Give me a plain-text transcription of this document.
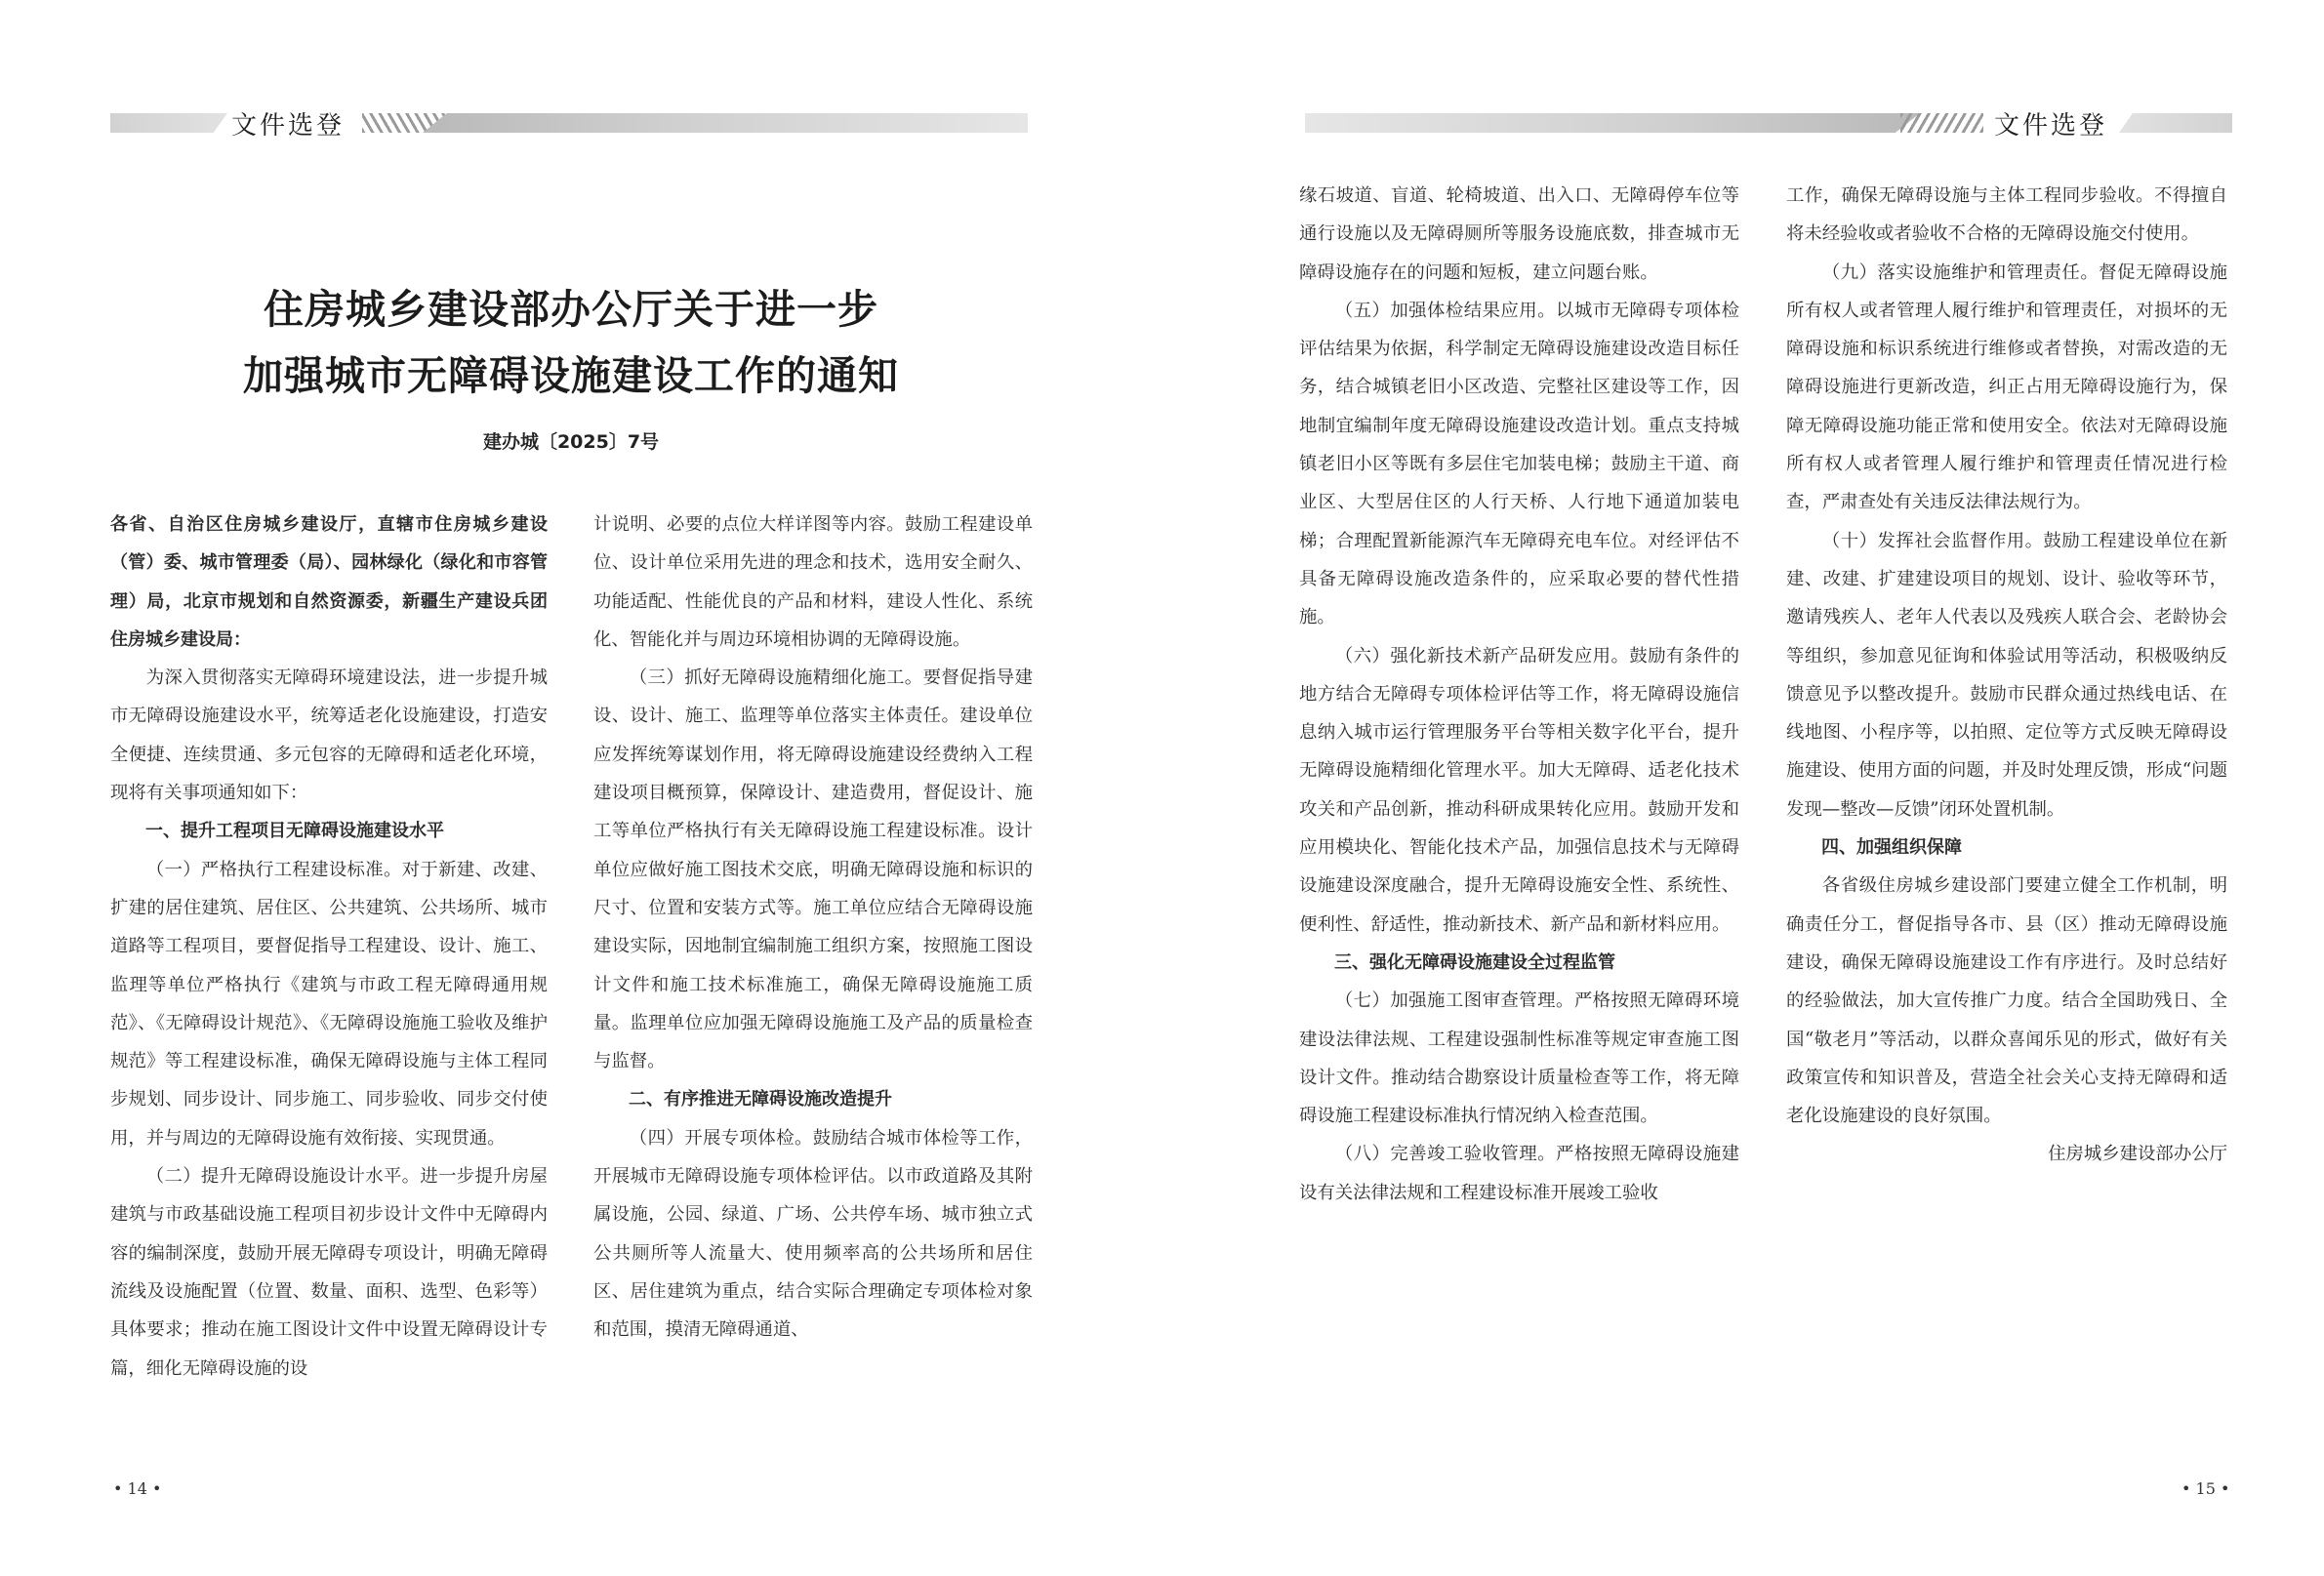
文件选登
住房城乡建设部办公厅关于进一步
加强城市无障碍设施建设工作的通知

建办城〔2025〕7号

各省、自治区住房城乡建设厅，直辖市住房城乡建设（管）委、城市管理委（局）、园林绿化（绿化和市容管理）局，北京市规划和自然资源委，新疆生产建设兵团住房城乡建设局：

为深入贯彻落实无障碍环境建设法，进一步提升城市无障碍设施建设水平，统筹适老化设施建设，打造安全便捷、连续贯通、多元包容的无障碍和适老化环境，现将有关事项通知如下：

一、提升工程项目无障碍设施建设水平

（一）严格执行工程建设标准。对于新建、改建、扩建的居住建筑、居住区、公共建筑、公共场所、城市道路等工程项目，要督促指导工程建设、设计、施工、监理等单位严格执行《建筑与市政工程无障碍通用规范》、《无障碍设计规范》、《无障碍设施施工验收及维护规范》等工程建设标准，确保无障碍设施与主体工程同步规划、同步设计、同步施工、同步验收、同步交付使用，并与周边的无障碍设施有效衔接、实现贯通。

（二）提升无障碍设施设计水平。进一步提升房屋建筑与市政基础设施工程项目初步设计文件中无障碍内容的编制深度，鼓励开展无障碍专项设计，明确无障碍流线及设施配置（位置、数量、面积、选型、色彩等）具体要求；推动在施工图设计文件中设置无障碍设计专篇，细化无障碍设施的设

计说明、必要的点位大样详图等内容。鼓励工程建设单位、设计单位采用先进的理念和技术，选用安全耐久、功能适配、性能优良的产品和材料，建设人性化、系统化、智能化并与周边环境相协调的无障碍设施。

（三）抓好无障碍设施精细化施工。要督促指导建设、设计、施工、监理等单位落实主体责任。建设单位应发挥统筹谋划作用，将无障碍设施建设经费纳入工程建设项目概预算，保障设计、建造费用，督促设计、施工等单位严格执行有关无障碍设施工程建设标准。设计单位应做好施工图技术交底，明确无障碍设施和标识的尺寸、位置和安装方式等。施工单位应结合无障碍设施建设实际，因地制宜编制施工组织方案，按照施工图设计文件和施工技术标准施工，确保无障碍设施施工质量。监理单位应加强无障碍设施施工及产品的质量检查与监督。

二、有序推进无障碍设施改造提升

（四）开展专项体检。鼓励结合城市体检等工作，开展城市无障碍设施专项体检评估。以市政道路及其附属设施，公园、绿道、广场、公共停车场、城市独立式公共厕所等人流量大、使用频率高的公共场所和居住区、居住建筑为重点，结合实际合理确定专项体检对象和范围，摸清无障碍通道、

• 14 •
文件选登

缘石坡道、盲道、轮椅坡道、出入口、无障碍停车位等通行设施以及无障碍厕所等服务设施底数，排查城市无障碍设施存在的问题和短板，建立问题台账。

（五）加强体检结果应用。以城市无障碍专项体检评估结果为依据，科学制定无障碍设施建设改造目标任务，结合城镇老旧小区改造、完整社区建设等工作，因地制宜编制年度无障碍设施建设改造计划。重点支持城镇老旧小区等既有多层住宅加装电梯；鼓励主干道、商业区、大型居住区的人行天桥、人行地下通道加装电梯；合理配置新能源汽车无障碍充电车位。对经评估不具备无障碍设施改造条件的，应采取必要的替代性措施。

（六）强化新技术新产品研发应用。鼓励有条件的地方结合无障碍专项体检评估等工作，将无障碍设施信息纳入城市运行管理服务平台等相关数字化平台，提升无障碍设施精细化管理水平。加大无障碍、适老化技术攻关和产品创新，推动科研成果转化应用。鼓励开发和应用模块化、智能化技术产品，加强信息技术与无障碍设施建设深度融合，提升无障碍设施安全性、系统性、便利性、舒适性，推动新技术、新产品和新材料应用。

三、强化无障碍设施建设全过程监管

（七）加强施工图审查管理。严格按照无障碍环境建设法律法规、工程建设强制性标准等规定审查施工图设计文件。推动结合勘察设计质量检查等工作，将无障碍设施工程建设标准执行情况纳入检查范围。

（八）完善竣工验收管理。严格按照无障碍设施建设有关法律法规和工程建设标准开展竣工验收

工作，确保无障碍设施与主体工程同步验收。不得擅自将未经验收或者验收不合格的无障碍设施交付使用。

（九）落实设施维护和管理责任。督促无障碍设施所有权人或者管理人履行维护和管理责任，对损坏的无障碍设施和标识系统进行维修或者替换，对需改造的无障碍设施进行更新改造，纠正占用无障碍设施行为，保障无障碍设施功能正常和使用安全。依法对无障碍设施所有权人或者管理人履行维护和管理责任情况进行检查，严肃查处有关违反法律法规行为。

（十）发挥社会监督作用。鼓励工程建设单位在新建、改建、扩建建设项目的规划、设计、验收等环节，邀请残疾人、老年人代表以及残疾人联合会、老龄协会等组织，参加意见征询和体验试用等活动，积极吸纳反馈意见予以整改提升。鼓励市民群众通过热线电话、在线地图、小程序等，以拍照、定位等方式反映无障碍设施建设、使用方面的问题，并及时处理反馈，形成“问题发现—整改—反馈”闭环处置机制。

四、加强组织保障

各省级住房城乡建设部门要建立健全工作机制，明确责任分工，督促指导各市、县（区）推动无障碍设施建设，确保无障碍设施建设工作有序进行。及时总结好的经验做法，加大宣传推广力度。结合全国助残日、全国“敬老月”等活动，以群众喜闻乐见的形式，做好有关政策宣传和知识普及，营造全社会关心支持无障碍和适老化设施建设的良好氛围。

住房城乡建设部办公厅

• 15 •
